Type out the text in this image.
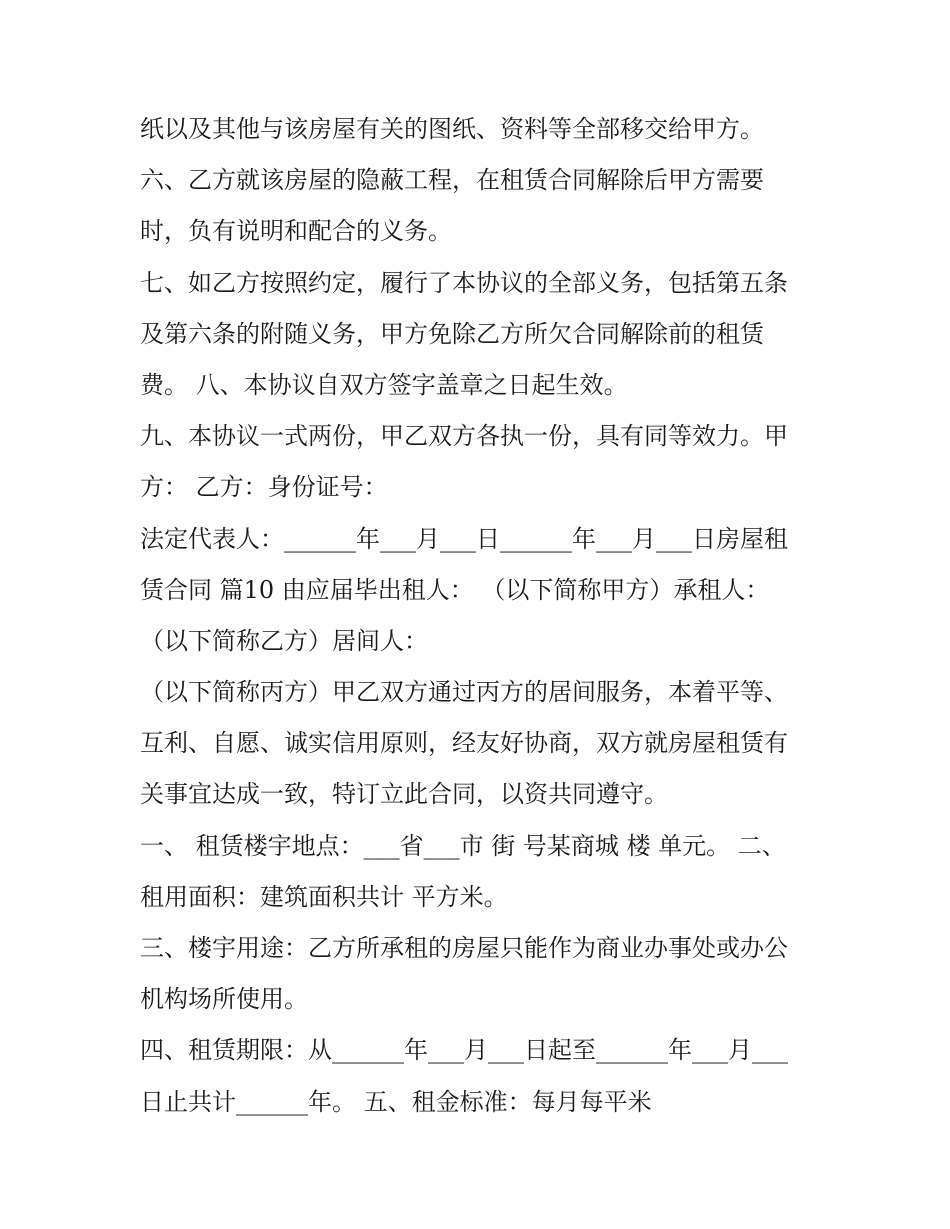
纸以及其他与该房屋有关的图纸、资料等全部移交给甲方。
六、乙方就该房屋的隐蔽工程，在租赁合同解除后甲方需要
时，负有说明和配合的义务。
七、如乙方按照约定，履行了本协议的全部义务，包括第五条
及第六条的附随义务，甲方免除乙方所欠合同解除前的租赁
费。 八、本协议自双方签字盖章之日起生效。
九、本协议一式两份，甲乙双方各执一份，具有同等效力。甲
方： 乙方：身份证号：
法定代表人：______年___月___日______年___月___日房屋租
赁合同 篇10 由应届毕出租人： （以下简称甲方）承租人：
（以下简称乙方）居间人：
（以下简称丙方）甲乙双方通过丙方的居间服务，本着平等、
互利、自愿、诚实信用原则，经友好协商，双方就房屋租赁有
关事宜达成一致，特订立此合同，以资共同遵守。
一、 租赁楼宇地点：___省___市 街 号某商城 楼 单元。 二、
租用面积：建筑面积共计 平方米。
三、楼宇用途：乙方所承租的房屋只能作为商业办事处或办公
机构场所使用。
四、租赁期限：从______年___月___日起至______年___月___
日止共计______年。 五、租金标准：每月每平米
